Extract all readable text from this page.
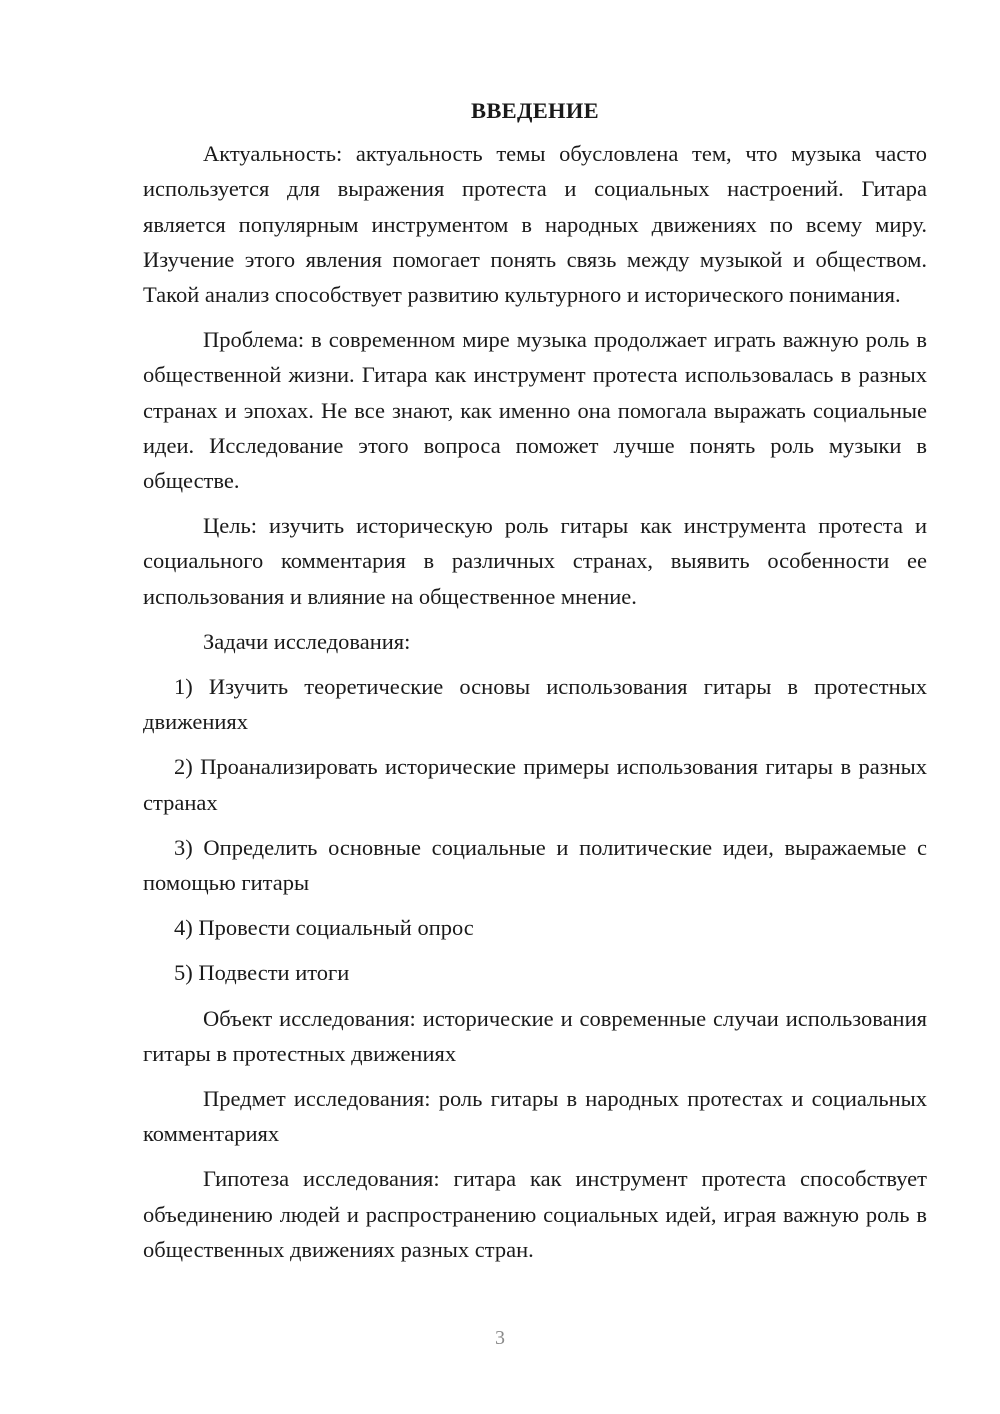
ВВЕДЕНИЕ

Актуальность: актуальность темы обусловлена тем, что музыка часто используется для выражения протеста и социальных настроений. Гитара является популярным инструментом в народных движениях по всему миру. Изучение этого явления помогает понять связь между музыкой и обществом. Такой анализ способствует развитию культурного и исторического понимания.

Проблема: в современном мире музыка продолжает играть важную роль в общественной жизни. Гитара как инструмент протеста использовалась в разных странах и эпохах. Не все знают, как именно она помогала выражать социальные идеи. Исследование этого вопроса поможет лучше понять роль музыки в обществе.

Цель: изучить историческую роль гитары как инструмента протеста и социального комментария в различных странах, выявить особенности ее использования и влияние на общественное мнение.

Задачи исследования:

1) Изучить теоретические основы использования гитары в протестных движениях

2) Проанализировать исторические примеры использования гитары в разных странах

3) Определить основные социальные и политические идеи, выражаемые с помощью гитары

4) Провести социальный опрос

5) Подвести итоги

Объект исследования: исторические и современные случаи использования гитары в протестных движениях

Предмет исследования: роль гитары в народных протестах и социальных комментариях

Гипотеза исследования: гитара как инструмент протеста способствует объединению людей и распространению социальных идей, играя важную роль в общественных движениях разных стран.

3
